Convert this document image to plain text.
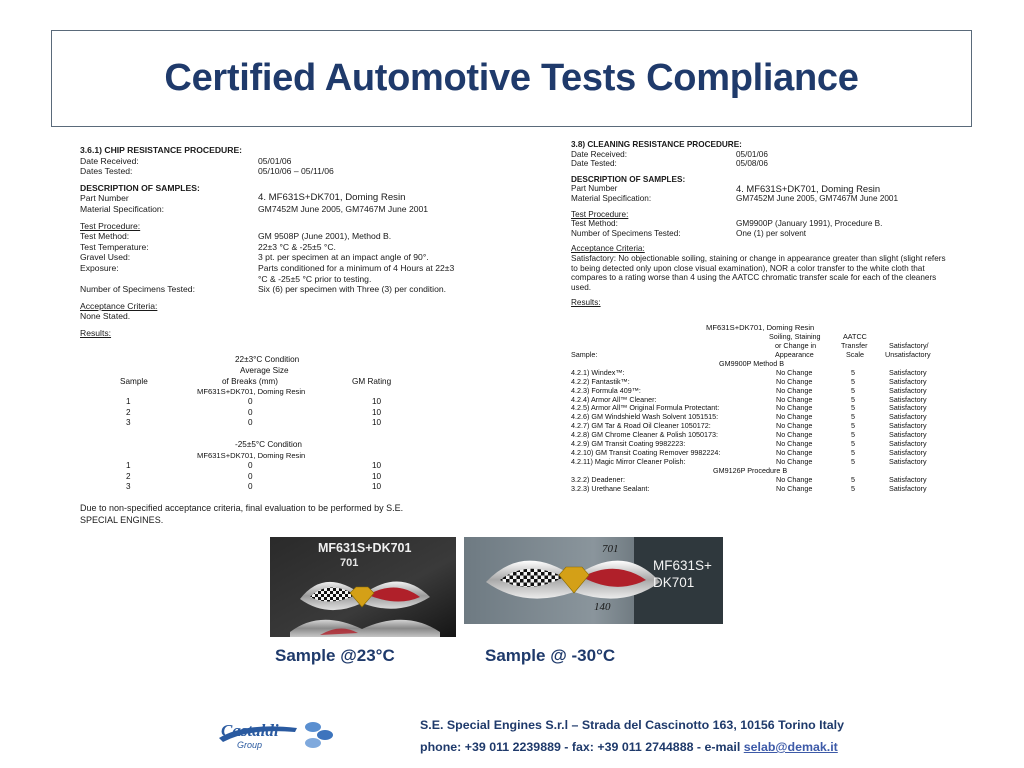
Certified Automotive Tests Compliance
3.6.1) CHIP RESISTANCE PROCEDURE:
Date Received:	05/01/06
Dates Tested:	05/10/06 – 05/11/06
DESCRIPTION OF SAMPLES:
Part Number	4. MF631S+DK701, Doming Resin
Material Specification:	GM7452M June 2005, GM7467M June 2001
Test Procedure:
Test Method:	GM 9508P (June 2001), Method B.
Test Temperature:	22±3 °C & -25±5 °C.
Gravel Used:	3 pt. per specimen at an impact angle of 90°.
Exposure:	Parts conditioned for a minimum of 4 Hours at 22±3
°C & -25±5 °C prior to testing.
Number of Specimens Tested:	Six (6) per specimen with Three (3) per condition.
Acceptance Criteria:
None Stated.
Results:
22±3°C Condition
Average Size
Sample	of Breaks (mm)	GM Rating
MF631S+DK701, Doming Resin
1	0	10
2	0	10
3	0	10
-25±5°C Condition
MF631S+DK701, Doming Resin
1	0	10
2	0	10
3	0	10
Due to non-specified acceptance criteria, final evaluation to be performed by S.E.
SPECIAL ENGINES.
3.8) CLEANING RESISTANCE PROCEDURE:
Date Received:	05/01/06
Date Tested:	05/08/06
DESCRIPTION OF SAMPLES:
Part Number	4. MF631S+DK701, Doming Resin
Material Specification:	GM7452M June 2005, GM7467M June 2001
Test Procedure:
Test Method:	GM9900P (January 1991), Procedure B.
Number of Specimens Tested:	One (1) per solvent
Acceptance Criteria:
Satisfactory: No objectionable soiling, staining or change in appearance greater than slight (slight refers
to being detected only upon close visual examination), NOR a color transfer to the white cloth that
compares to a rating worse than 4 using the AATCC chromatic transfer scale for each of the cleaners
used.
Results:
MF631S+DK701, Doming Resin
Soiling, Staining	AATCC
or Change in	Transfer	Satisfactory/
Sample:	Appearance	Scale	Unsatisfactory
GM9900P Method B
4.2.1) Windex™:	No Change	5	Satisfactory
4.2.2) Fantastik™:	No Change	5	Satisfactory
4.2.3) Formula 409™:	No Change	5	Satisfactory
4.2.4) Armor All™ Cleaner:	No Change	5	Satisfactory
4.2.5) Armor All™ Original Formula Protectant:	No Change	5	Satisfactory
4.2.6) GM Windshield Wash Solvent 1051515:	No Change	5	Satisfactory
4.2.7) GM Tar & Road Oil Cleaner 1050172:	No Change	5	Satisfactory
4.2.8) GM Chrome Cleaner & Polish 1050173:	No Change	5	Satisfactory
4.2.9) GM Transit Coating 9982223:	No Change	5	Satisfactory
4.2.10) GM Transit Coating Remover 9982224:	No Change	5	Satisfactory
4.2.11) Magic Mirror Cleaner Polish:	No Change	5	Satisfactory
GM9126P Procedure B
3.2.2) Deadener:	No Change	5	Satisfactory
3.2.3) Urethane Sealant:	No Change	5	Satisfactory
MF631S+DK701
701
701
140
MF631S+
DK701
Sample @23°C	Sample @ -30°C
Castaldi
Group
S.E. Special Engines S.r.l – Strada del Cascinotto 163, 10156 Torino Italy
phone: +39 011 2239889 - fax: +39 011 2744888 - e-mail selab@demak.it
